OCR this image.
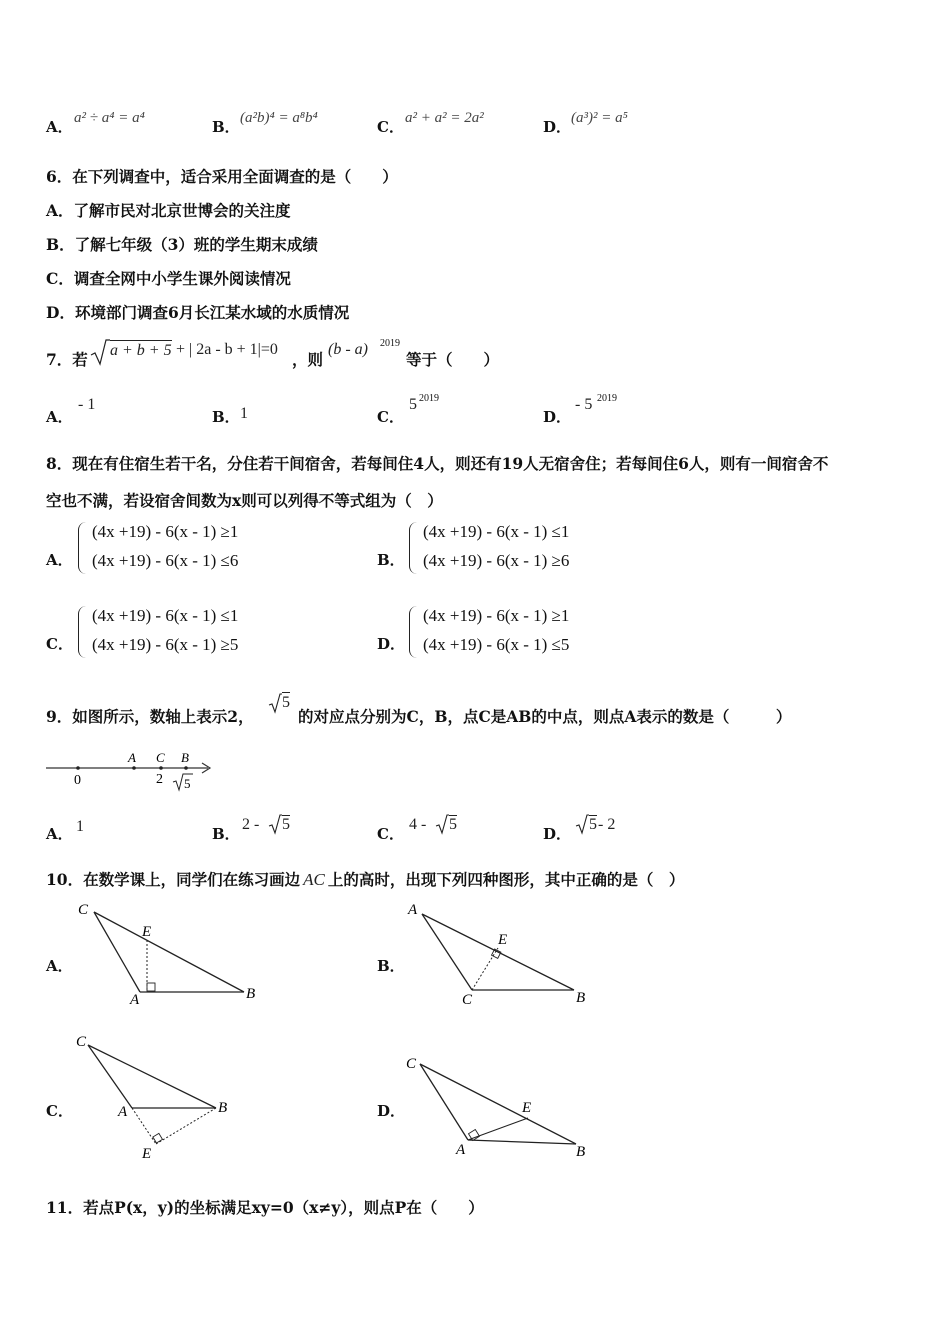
A． a² ÷ a⁴ = a⁴	B． (a²b)⁴ = a⁸b⁴	C． a² + a² = 2a²	D． (a³)² = a⁵
6．在下列调查中，适合采用全面调查的是（　　）
A．了解市民对北京世博会的关注度
B．了解七年级（3）班的学生期末成绩
C．调查全网中小学生课外阅读情况
D．环境部门调查6月长江某水域的水质情况
7．若 a + b + 5 + | 2a - b + 1|=0
，则
(b - a) 2019
等于（　　）
A．
- 1
B． 1	C．
5 2019
D．
- 5 2019
8．现在有住宿生若干名，分住若干间宿舍，若每间住4人，则还有19人无宿舍住；若每间住6人，则有一间宿舍不
空也不满，若设宿舍间数为x则可以列得不等式组为（　）
A．
(4x +19) - 6(x - 1) ≥1
(4x +19) - 6(x - 1) ≤6	B．
(4x +19) - 6(x - 1) ≤1
(4x +19) - 6(x - 1) ≥6
C．
(4x +19) - 6(x - 1) ≤1
(4x +19) - 6(x - 1) ≥5	D．
(4x +19) - 6(x - 1) ≥1
(4x +19) - 6(x - 1) ≤5
9．如图所示，数轴上表示2，
5
的对应点分别为C，B，点C是AB的中点，则点A表示的数是（　　　）
0
A C B
2 5
A． 1	B．
2 - 5
C．
4 - 5
D．
5 - 2
10．在数学课上，同学们在练习画边 AC 上的高时，出现下列四种图形，其中正确的是（　）
A．
C
E
A	B
B．
A
E
C	B
C．
C
A	B
E
D．
C
E
A	B
11．若点P(x，y)的坐标满足xy=0（x≠y），则点P在（　　）
